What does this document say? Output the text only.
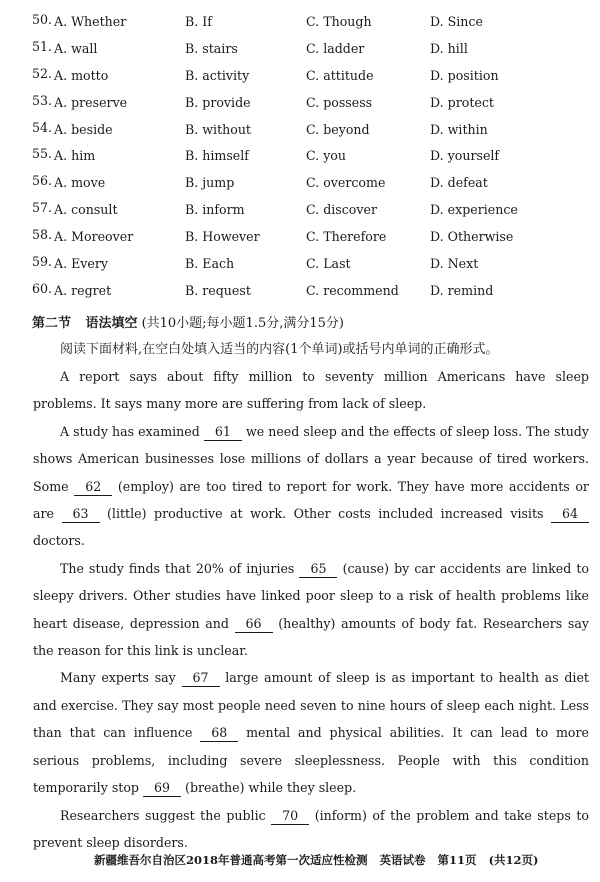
50. A. Whether	B. If	C. Though	D. Since
51. A. wall	B. stairs	C. ladder	D. hill
52. A. motto	B. activity	C. attitude	D. position
53. A. preserve	B. provide	C. possess	D. protect
54. A. beside	B. without	C. beyond	D. within
55. A. him	B. himself	C. you	D. yourself
56. A. move	B. jump	C. overcome	D. defeat
57. A. consult	B. inform	C. discover	D. experience
58. A. Moreover	B. However	C. Therefore	D. Otherwise
59. A. Every	B. Each	C. Last	D. Next
60. A. regret	B. request	C. recommend D. remind
第二节 语法填空 (共10小题;每小题1.5分,满分15分)
阅读下面材料,在空白处填入适当的内容(1个单词)或括号内单词的正确形式。

A report says about fifty million to seventy million Americans have sleep problems. It says many more are suffering from lack of sleep.

A study has examined 61 we need sleep and the effects of sleep loss. The study shows American businesses lose millions of dollars a year because of tired workers. Some 62 (employ) are too tired to report for work. They have more accidents or are 63 (little) productive at work. Other costs included increased visits 64 doctors.

The study finds that 20% of injuries 65 (cause) by car accidents are linked to sleepy drivers. Other studies have linked poor sleep to a risk of health problems like heart disease, depression and 66 (healthy) amounts of body fat. Researchers say the reason for this link is unclear.

Many experts say 67 large amount of sleep is as important to health as diet and exercise. They say most people need seven to nine hours of sleep each night. Less than that can influence 68 mental and physical abilities. It can lead to more serious problems, including severe sleeplessness. People with this condition temporarily stop 69 (breathe) while they sleep.

Researchers suggest the public 70 (inform) of the problem and take steps to prevent sleep disorders.

新疆维吾尔自治区2018年普通高考第一次适应性检测 英语试卷 第11页 (共12页)
